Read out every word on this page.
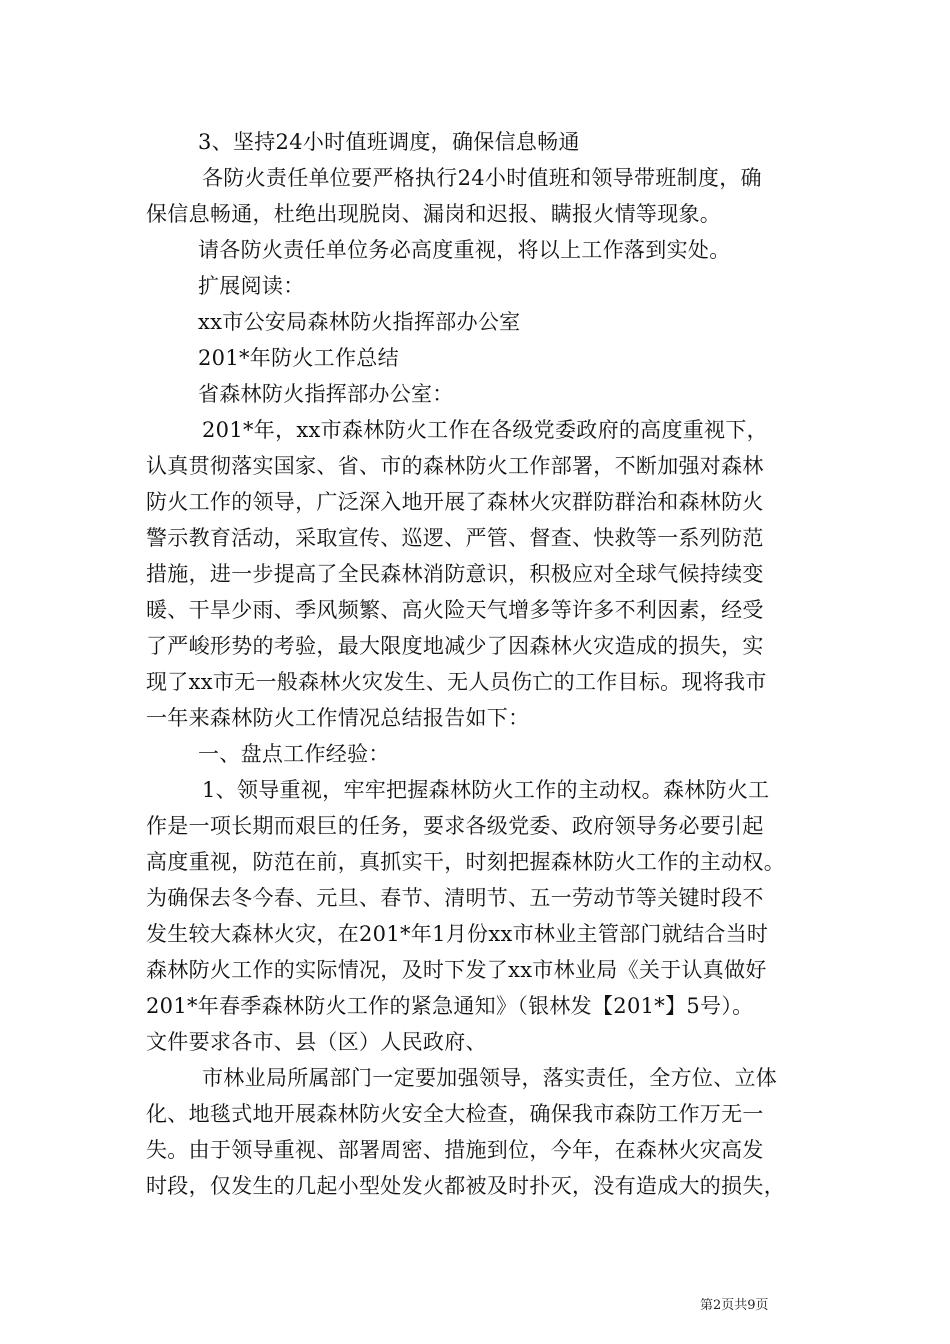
3、坚持24小时值班调度，确保信息畅通
各防火责任单位要严格执行24小时值班和领导带班制度，确
保信息畅通，杜绝出现脱岗、漏岗和迟报、瞒报火情等现象。
请各防火责任单位务必高度重视，将以上工作落到实处。
扩展阅读：
xx市公安局森林防火指挥部办公室
201*年防火工作总结
省森林防火指挥部办公室：
201*年，xx市森林防火工作在各级党委政府的高度重视下，
认真贯彻落实国家、省、市的森林防火工作部署，不断加强对森林
防火工作的领导，广泛深入地开展了森林火灾群防群治和森林防火
警示教育活动，采取宣传、巡逻、严管、督查、快救等一系列防范
措施，进一步提高了全民森林消防意识，积极应对全球气候持续变
暖、干旱少雨、季风频繁、高火险天气增多等许多不利因素，经受
了严峻形势的考验，最大限度地减少了因森林火灾造成的损失，实
现了xx市无一般森林火灾发生、无人员伤亡的工作目标。现将我市
一年来森林防火工作情况总结报告如下：
一、盘点工作经验：
1、领导重视，牢牢把握森林防火工作的主动权。森林防火工
作是一项长期而艰巨的任务，要求各级党委、政府领导务必要引起
高度重视，防范在前，真抓实干，时刻把握森林防火工作的主动权。
为确保去冬今春、元旦、春节、清明节、五一劳动节等关键时段不
发生较大森林火灾，在201*年1月份xx市林业主管部门就结合当时
森林防火工作的实际情况，及时下发了xx市林业局《关于认真做好
201*年春季森林防火工作的紧急通知》（银林发【201*】5号）。
文件要求各市、县（区）人民政府、
市林业局所属部门一定要加强领导，落实责任，全方位、立体
化、地毯式地开展森林防火安全大检查，确保我市森防工作万无一
失。由于领导重视、部署周密、措施到位，今年，在森林火灾高发
时段，仅发生的几起小型处发火都被及时扑灭，没有造成大的损失，
第2页共9页
